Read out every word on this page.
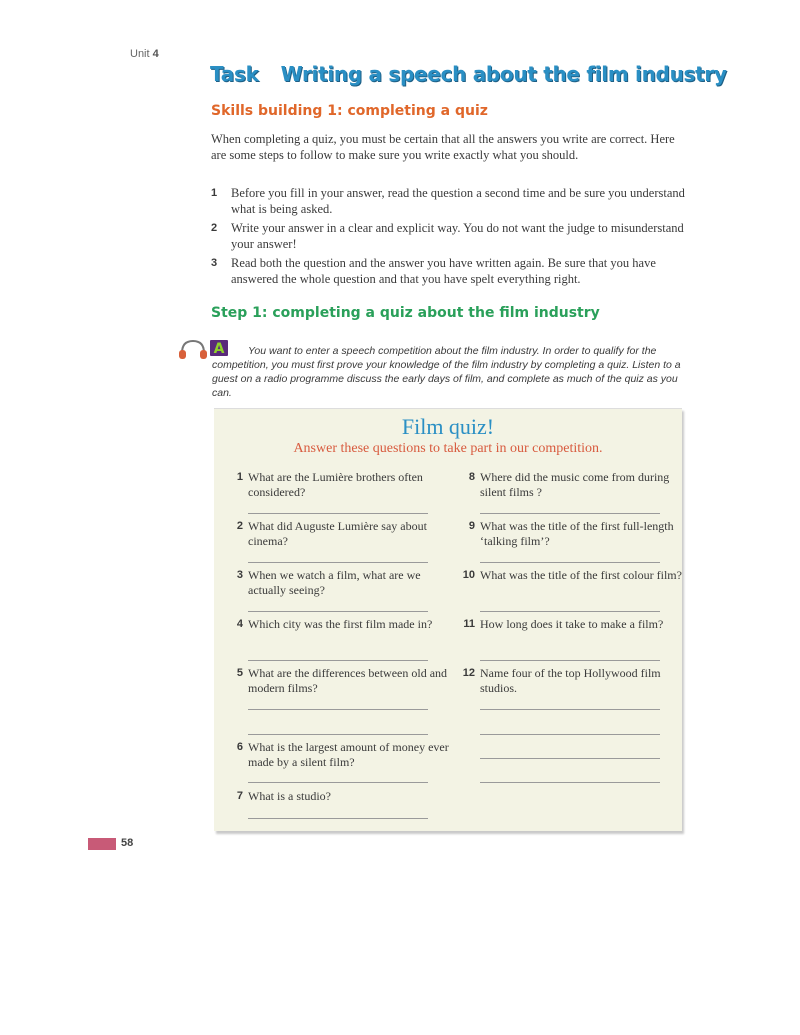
Unit 4
Task Writing a speech about the film industry
Skills building 1: completing a quiz

When completing a quiz, you must be certain that all the answers you write are correct. Here are some steps to follow to make sure you write exactly what you should.

1	Before you fill in your answer, read the question a second time and be sure you understand what is being asked.
2	Write your answer in a clear and explicit way. You do not want the judge to misunderstand your answer!
3	Read both the question and the answer you have written again. Be sure that you have answered the whole question and that you have spelt everything right.
Step 1: completing a quiz about the film industry
A	You want to enter a speech competition about the film industry. In order to qualify for the competition, you must first prove your knowledge of the film industry by completing a quiz. Listen to a guest on a radio programme discuss the early days of film, and complete as much of the quiz as you can.

Film quiz!
Answer these questions to take part in our competition.
1 What are the Lumière brothers often considered?
2 What did Auguste Lumière say about cinema?
3 When we watch a film, what are we actually seeing?
4 Which city was the first film made in?
5 What are the differences between old and modern films?
6 What is the largest amount of money ever made by a silent film?
7 What is a studio?
8 Where did the music come from during silent films ?
9 What was the title of the first full-length ‘talking film’?
10 What was the title of the first colour film?
11 How long does it take to make a film?
12 Name four of the top Hollywood film studios.
58
